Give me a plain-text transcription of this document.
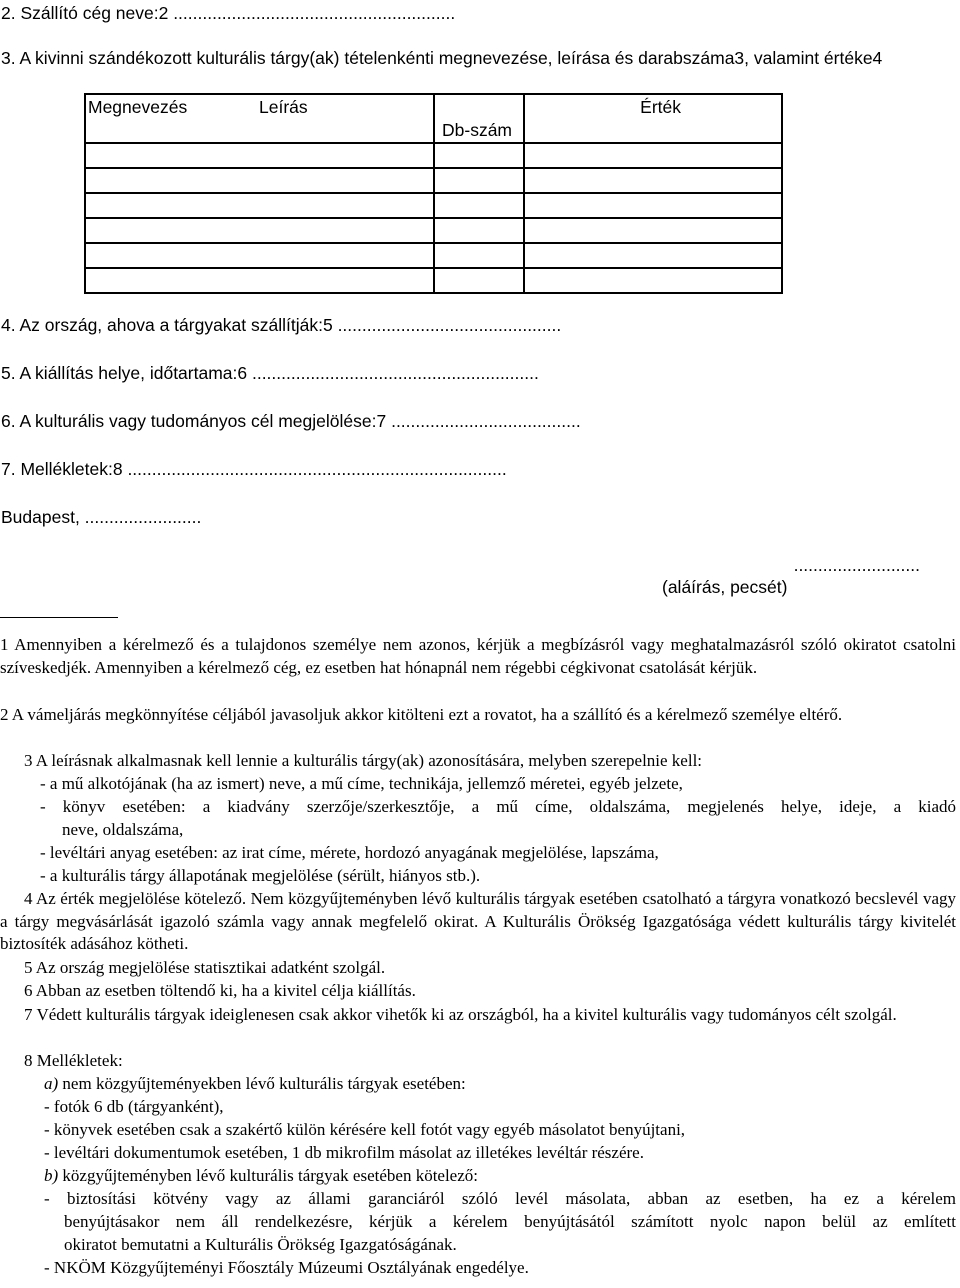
2. Szállító cég neve:2 ..........................................................
3. A kivinni szándékozott kulturális tárgy(ak) tételenkénti megnevezése, leírása és darabszáma3, valamint értéke4
Megnevezés Leírás	Db-szám	Érték

4. Az ország, ahova a tárgyakat szállítják:5 ..............................................
5. A kiállítás helye, időtartama:6 ...........................................................
6. A kulturális vagy tudományos cél megjelölése:7 .......................................
7. Mellékletek:8 ..............................................................................
Budapest, ........................
..........................
(aláírás, pecsét)
1 Amennyiben a kérelmező és a tulajdonos személye nem azonos, kérjük a megbízásról vagy meghatalmazásról szóló okiratot csatolni szíveskedjék. Amennyiben a kérelmező cég, ez esetben hat hónapnál nem régebbi cégkivonat csatolását kérjük.
2 A vámeljárás megkönnyítése céljából javasoljuk akkor kitölteni ezt a rovatot, ha a szállító és a kérelmező személye eltérő.
3 A leírásnak alkalmasnak kell lennie a kulturális tárgy(ak) azonosítására, melyben szerepelnie kell:
- a mű alkotójának (ha az ismert) neve, a mű címe, technikája, jellemző méretei, egyéb jelzete,
- könyv esetében: a kiadvány szerzője/szerkesztője, a mű címe, oldalszáma, megjelenés helye, ideje, a kiadó
neve, oldalszáma,
- levéltári anyag esetében: az irat címe, mérete, hordozó anyagának megjelölése, lapszáma,
- a kulturális tárgy állapotának megjelölése (sérült, hiányos stb.).
4 Az érték megjelölése kötelező. Nem közgyűjteményben lévő kulturális tárgyak esetében csatolható a tárgyra vonatkozó becslevél vagy a tárgy megvásárlását igazoló számla vagy annak megfelelő okirat. A Kulturális Örökség Igazgatósága védett kulturális tárgy kivitelét biztosíték adásához kötheti.
5 Az ország megjelölése statisztikai adatként szolgál.
6 Abban az esetben töltendő ki, ha a kivitel célja kiállítás.
7 Védett kulturális tárgyak ideiglenesen csak akkor vihetők ki az országból, ha a kivitel kulturális vagy tudományos célt szolgál.
8 Mellékletek:
a) nem közgyűjteményekben lévő kulturális tárgyak esetében:
- fotók 6 db (tárgyanként),
- könyvek esetében csak a szakértő külön kérésére kell fotót vagy egyéb másolatot benyújtani,
- levéltári dokumentumok esetében, 1 db mikrofilm másolat az illetékes levéltár részére.
b) közgyűjteményben lévő kulturális tárgyak esetében kötelező:
- biztosítási kötvény vagy az állami garanciáról szóló levél másolata, abban az esetben, ha ez a kérelem
benyújtásakor nem áll rendelkezésre, kérjük a kérelem benyújtásától számított nyolc napon belül az említett
okiratot bemutatni a Kulturális Örökség Igazgatóságának.
- NKÖM Közgyűjteményi Főosztály Múzeumi Osztályának engedélye.
